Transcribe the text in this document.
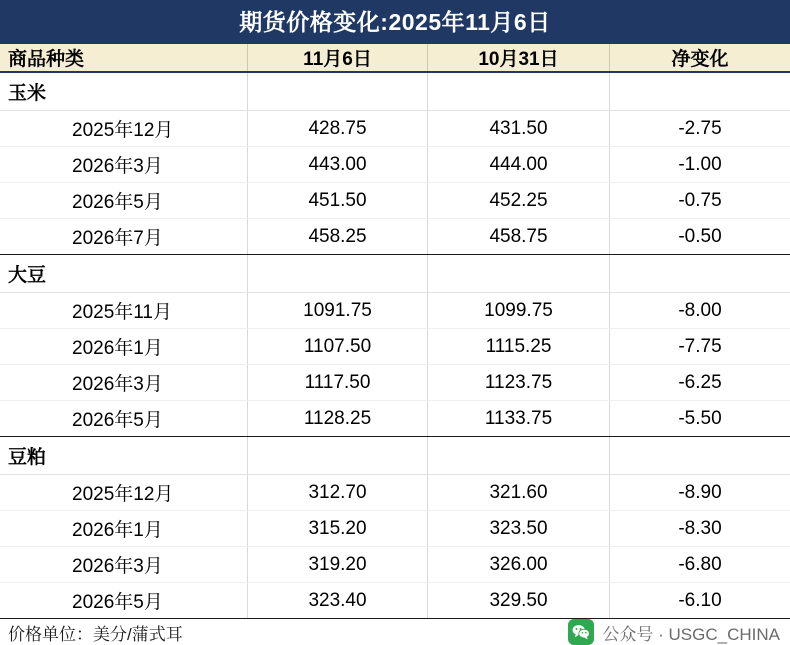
期货价格变化:2025年11月6日
商品种类	11月6日	10月31日	净变化
玉米
2025年12月	428.75	431.50	-2.75
2026年3月	443.00	444.00	-1.00
2026年5月	451.50	452.25	-0.75
2026年7月	458.25	458.75	-0.50
大豆
2025年11月	1091.75	1099.75	-8.00
2026年1月	1107.50	1115.25	-7.75
2026年3月	1117.50	1123.75	-6.25
2026年5月	1128.25	1133.75	-5.50
豆粕
2025年12月	312.70	321.60	-8.90
2026年1月	315.20	323.50	-8.30
2026年3月	319.20	326.00	-6.80
2026年5月	323.40	329.50	-6.10
价格单位：美分/蒲式耳	公众号 · USGC_CHINA
